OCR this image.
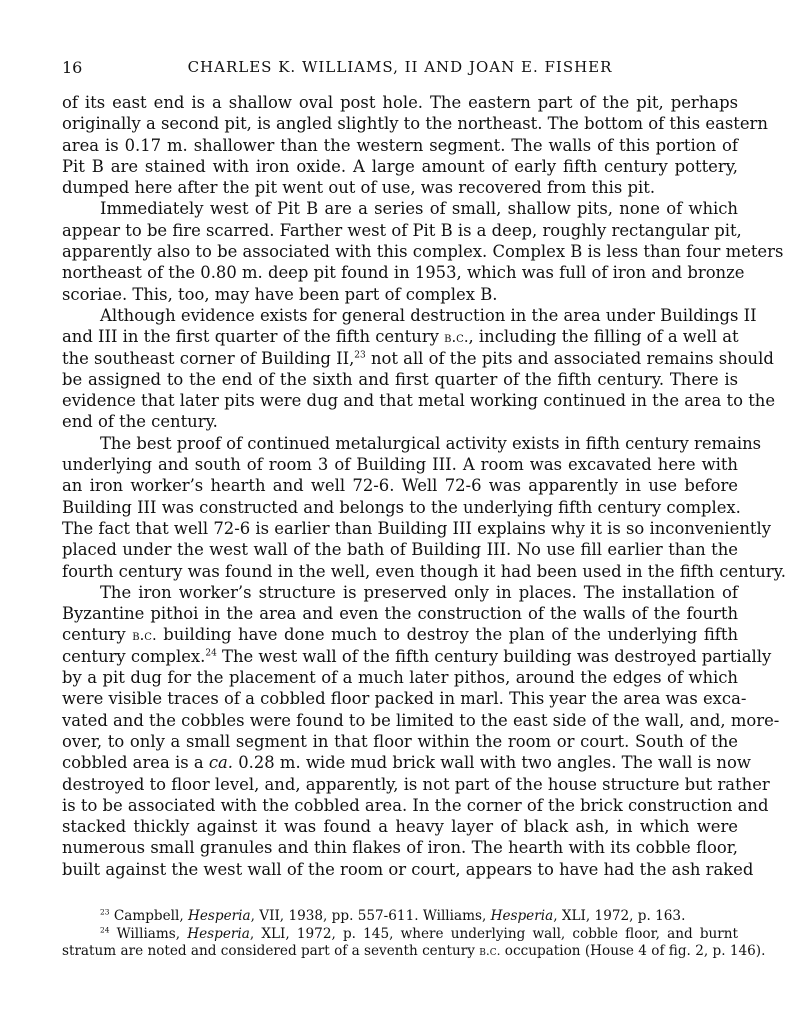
16	CHARLES K. WILLIAMS, II AND JOAN E. FISHER
of its east end is a shallow oval post hole. The eastern part of the pit, perhaps
originally a second pit, is angled slightly to the northeast. The bottom of this eastern
area is 0.17 m. shallower than the western segment. The walls of this portion of
Pit B are stained with iron oxide. A large amount of early fifth century pottery,
dumped here after the pit went out of use, was recovered from this pit.
Immediately west of Pit B are a series of small, shallow pits, none of which
appear to be fire scarred. Farther west of Pit B is a deep, roughly rectangular pit,
apparently also to be associated with this complex. Complex B is less than four meters
northeast of the 0.80 m. deep pit found in 1953, which was full of iron and bronze
scoriae. This, too, may have been part of complex B.
Although evidence exists for general destruction in the area under Buildings II
and III in the first quarter of the fifth century b.c., including the filling of a well at
the southeast corner of Building II,$^{23}$ not all of the pits and associated remains should
be assigned to the end of the sixth and first quarter of the fifth century. There is
evidence that later pits were dug and that metal working continued in the area to the
end of the century.
The best proof of continued metalurgical activity exists in fifth century remains
underlying and south of room 3 of Building III. A room was excavated here with
an iron worker’s hearth and well 72-6. Well 72-6 was apparently in use before
Building III was constructed and belongs to the underlying fifth century complex.
The fact that well 72-6 is earlier than Building III explains why it is so inconveniently
placed under the west wall of the bath of Building III. No use fill earlier than the
fourth century was found in the well, even though it had been used in the fifth century.
The iron worker’s structure is preserved only in places. The installation of
Byzantine pithoi in the area and even the construction of the walls of the fourth
century b.c. building have done much to destroy the plan of the underlying fifth
century complex.$^{24}$ The west wall of the fifth century building was destroyed partially
by a pit dug for the placement of a much later pithos, around the edges of which
were visible traces of a cobbled floor packed in marl. This year the area was exca-
vated and the cobbles were found to be limited to the east side of the wall, and, more-
over, to only a small segment in that floor within the room or court. South of the
cobbled area is a ca. 0.28 m. wide mud brick wall with two angles. The wall is now
destroyed to floor level, and, apparently, is not part of the house structure but rather
is to be associated with the cobbled area. In the corner of the brick construction and
stacked thickly against it was found a heavy layer of black ash, in which were
numerous small granules and thin flakes of iron. The hearth with its cobble floor,
built against the west wall of the room or court, appears to have had the ash raked
$^{23}$ Campbell, Hesperia, VII, 1938, pp. 557-611. Williams, Hesperia, XLI, 1972, p. 163.
$^{24}$ Williams, Hesperia, XLI, 1972, p. 145, where underlying wall, cobble floor, and burnt
stratum are noted and considered part of a seventh century b.c. occupation (House 4 of fig. 2, p. 146).
